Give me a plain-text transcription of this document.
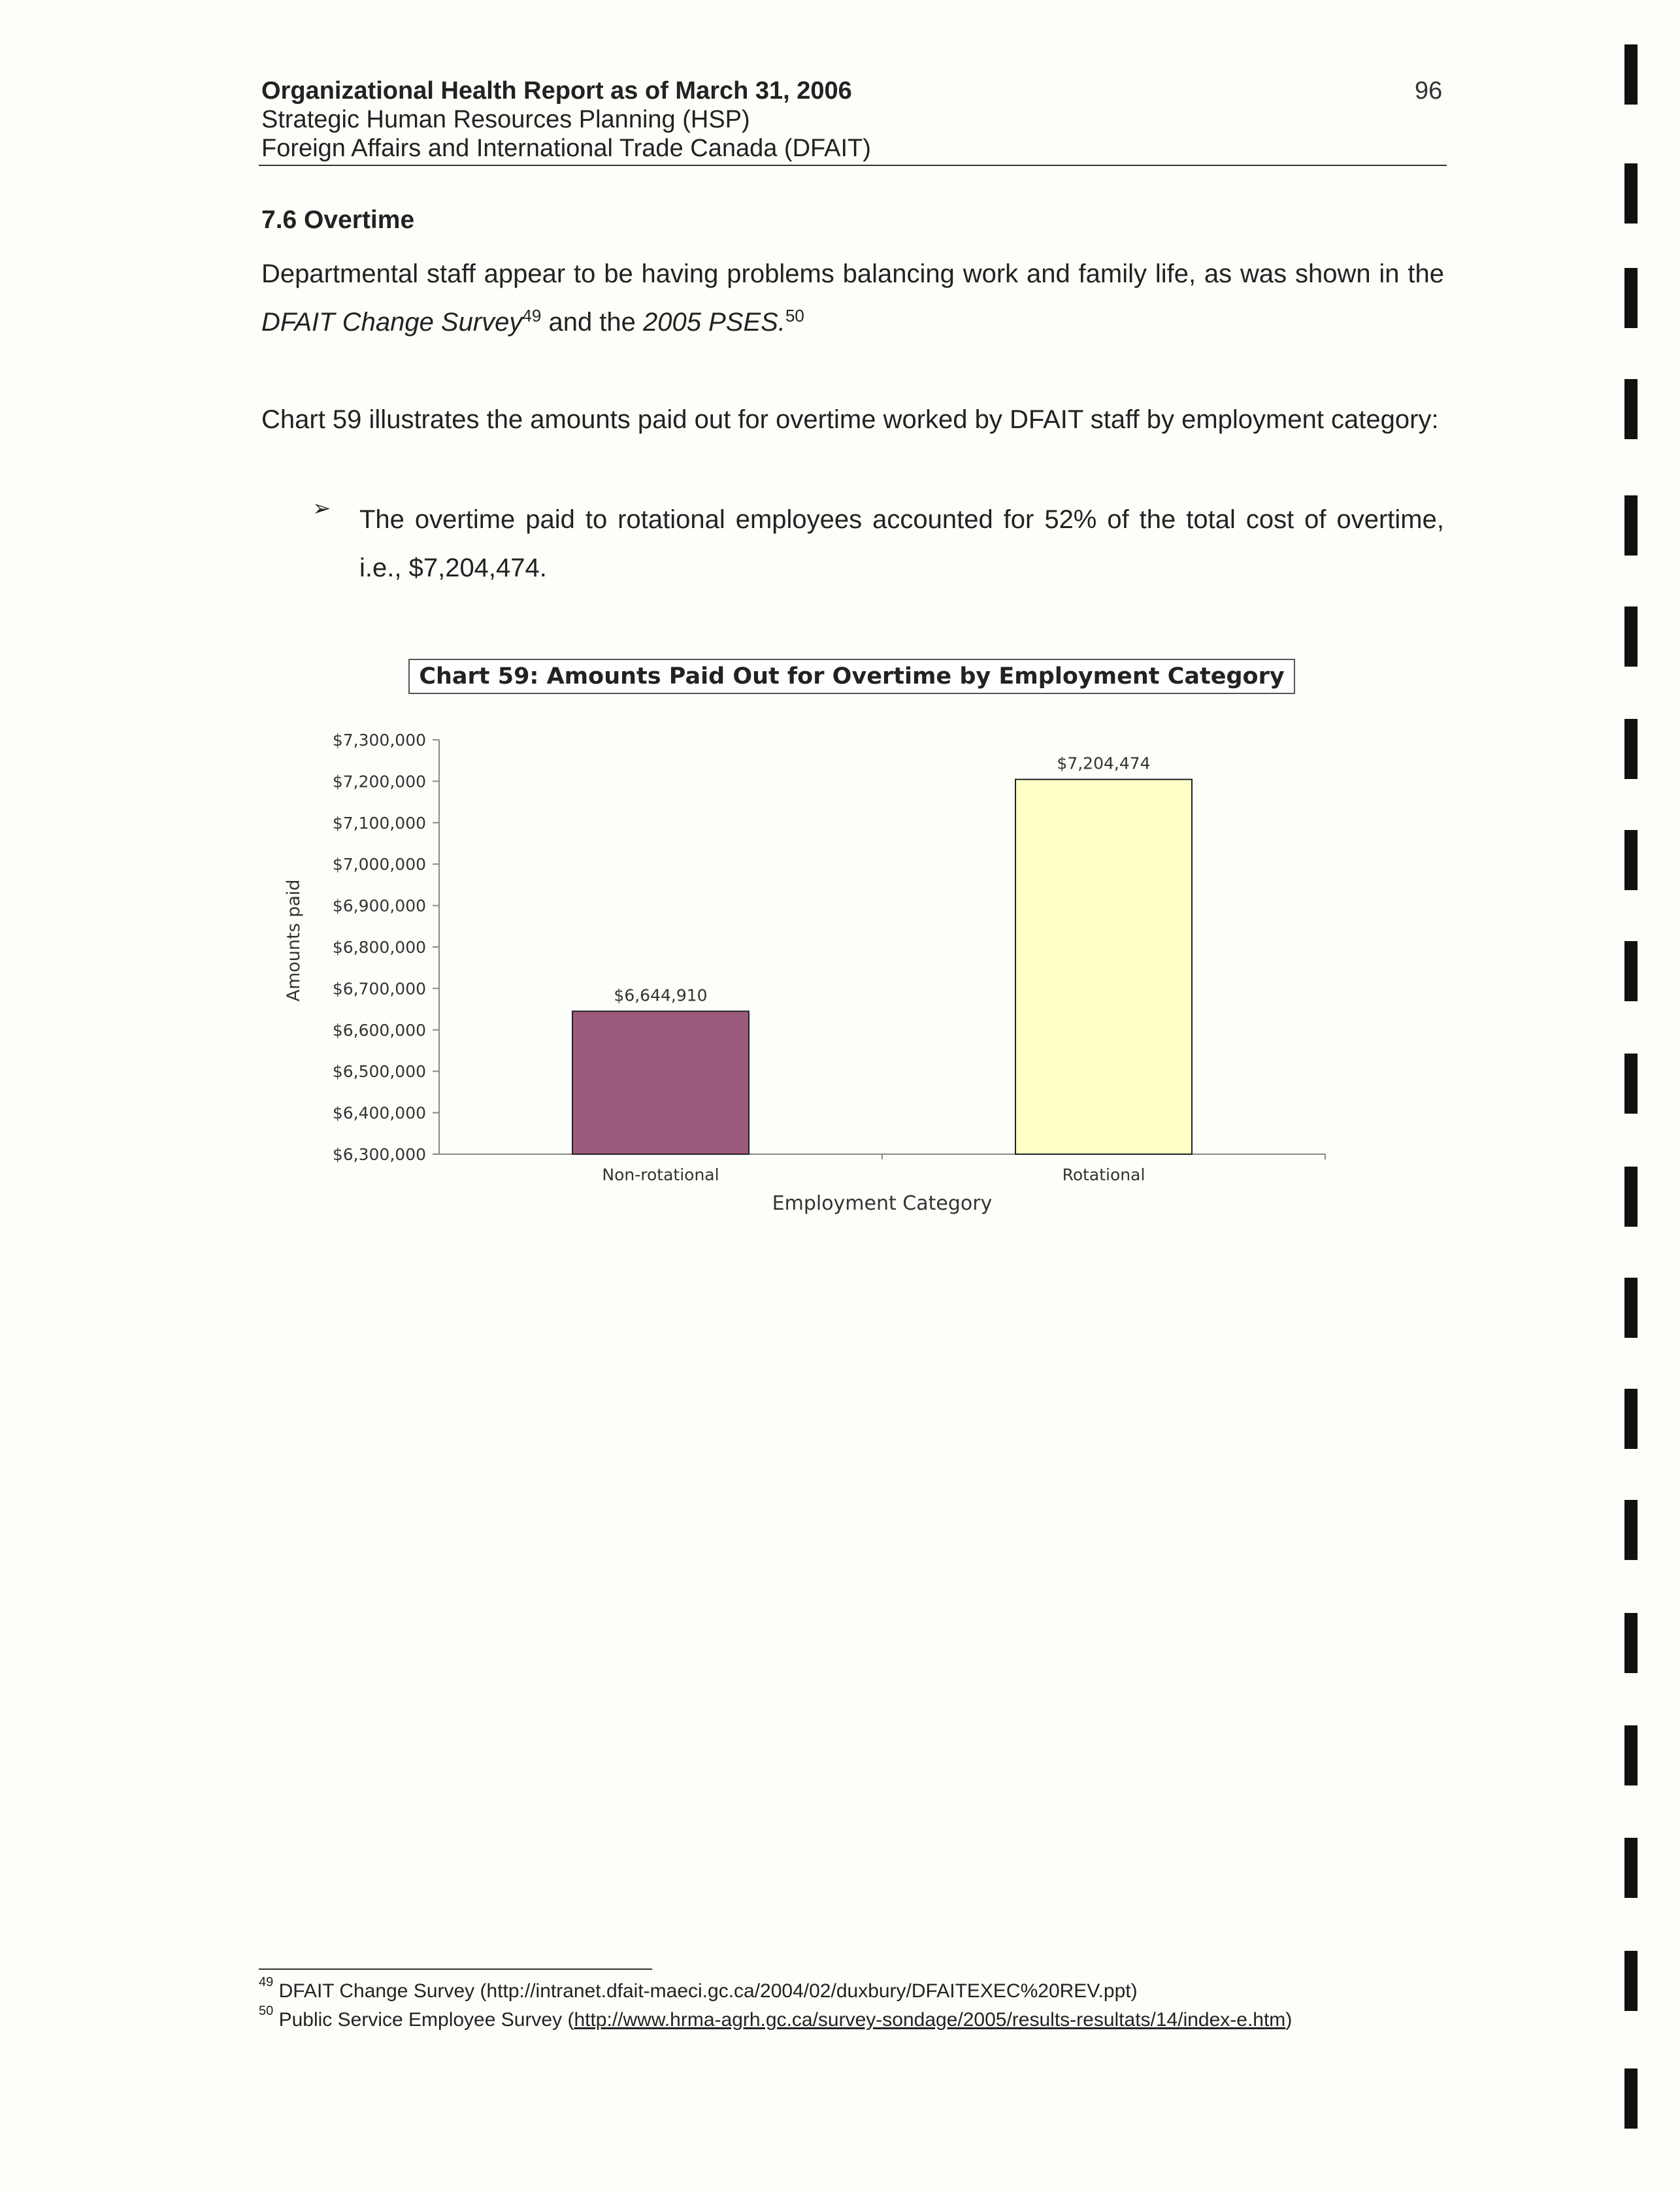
Organizational Health Report as of March 31, 2006
Strategic Human Resources Planning (HSP)
Foreign Affairs and International Trade Canada (DFAIT)
96
7.6 Overtime
Departmental staff appear to be having problems balancing work and family life, as was shown in the DFAIT Change Survey$^{49}$ and the 2005 PSES.$^{50}$
Chart 59 illustrates the amounts paid out for overtime worked by DFAIT staff by employment category:
➢ The overtime paid to rotational employees accounted for 52% of the total cost of overtime, i.e., $7,204,474.
Chart 59: Amounts Paid Out for Overtime by Employment Category
$7,300,000
$7,200,000
$7,100,000
$7,000,000
$6,900,000
$6,800,000
$6,700,000
$6,600,000
$6,500,000
$6,400,000
$6,300,000
$6,644,910
Non-rotational
$7,204,474
Rotational
Employment Category
Amounts paid
$^{49}$ DFAIT Change Survey (http://intranet.dfait-maeci.gc.ca/2004/02/duxbury/DFAITEXEC%20REV.ppt)
$^{50}$ Public Service Employee Survey (http://www.hrma-agrh.gc.ca/survey-sondage/2005/results-resultats/14/index-e.htm)
